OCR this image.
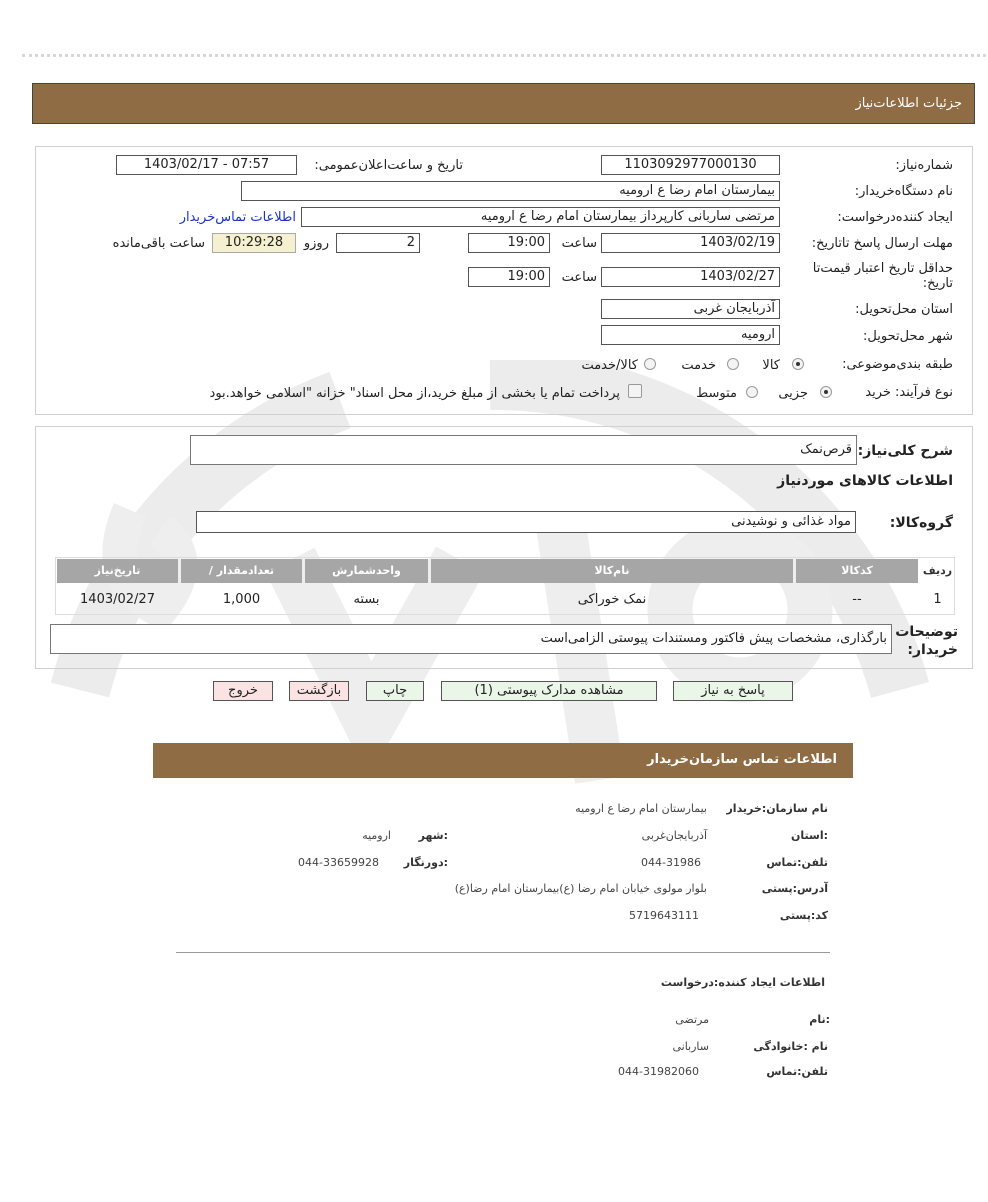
جزئیات اطلاعات‌نیاز
شماره‌نیاز:
1103092977000130
تاریخ و ساعت‌اعلان‌عمومی:
1403/02/17 - 07:57
نام دستگاه‌خریدار:
بیمارستان امام رضا ع ارومیه
ایجاد کننده‌درخواست:
مرتضی ساربانی کارپرداز بیمارستان امام رضا ع ارومیه
اطلاعات تماس‌خریدار
مهلت ارسال پاسخ تا‌تاریخ:
1403/02/19
ساعت
19:00
2
روزو
10:29:28
ساعت باقی‌مانده
حداقل تاریخ اعتبار قیمت‌تا
تاریخ:
1403/02/27
ساعت
19:00
استان محل‌تحویل:
آذربایجان غربی
شهر محل‌تحویل:
ارومیه
طبقه بندی‌موضوعی:
کالا
خدمت
کالا/خدمت
نوع فرآیند: خرید
جزیی
متوسط
پرداخت تمام یا بخشی از مبلغ خرید،از محل اسناد" خزانه "اسلامی خواهد.بود
شرح کلی‌نیاز:
قرص‌نمک
اطلاعات کالاهای موردنیاز
گروه‌کالا:
مواد غذائی و نوشیدنی
ردیف
کدکالا
نام‌کالا
واحدشمارش
تعداد‌مقدار /
تاریخ‌نیاز
1
--
نمک خوراکی
بسته
1,000
1403/02/27
توضیحات
خریدار:
بارگذاری، مشخصات پیش فاکتور ومستندات پیوستی الزامی‌است
پاسخ به نیاز
مشاهده مدارک پیوستی (1)
چاپ
بازگشت
خروج
اطلاعات تماس سازمان‌خریدار
نام سازمان‌:خریدار
بیمارستان امام رضا ع ارومیه
:استان
آذربایجان‌غربی
:شهر
ارومیه
تلفن‌:تماس
044-31986
:دورنگار
044-33659928
آدرس‌:پستی
بلوار مولوی خیابان امام رضا (ع)بیمارستان امام رضا(ع)
کد‌:پستی
5719643111
اطلاعات ایجاد کننده‌:درخواست
:نام
مرتضی
نام :خانوادگی
ساربانی
تلفن‌:تماس
044-31982060
